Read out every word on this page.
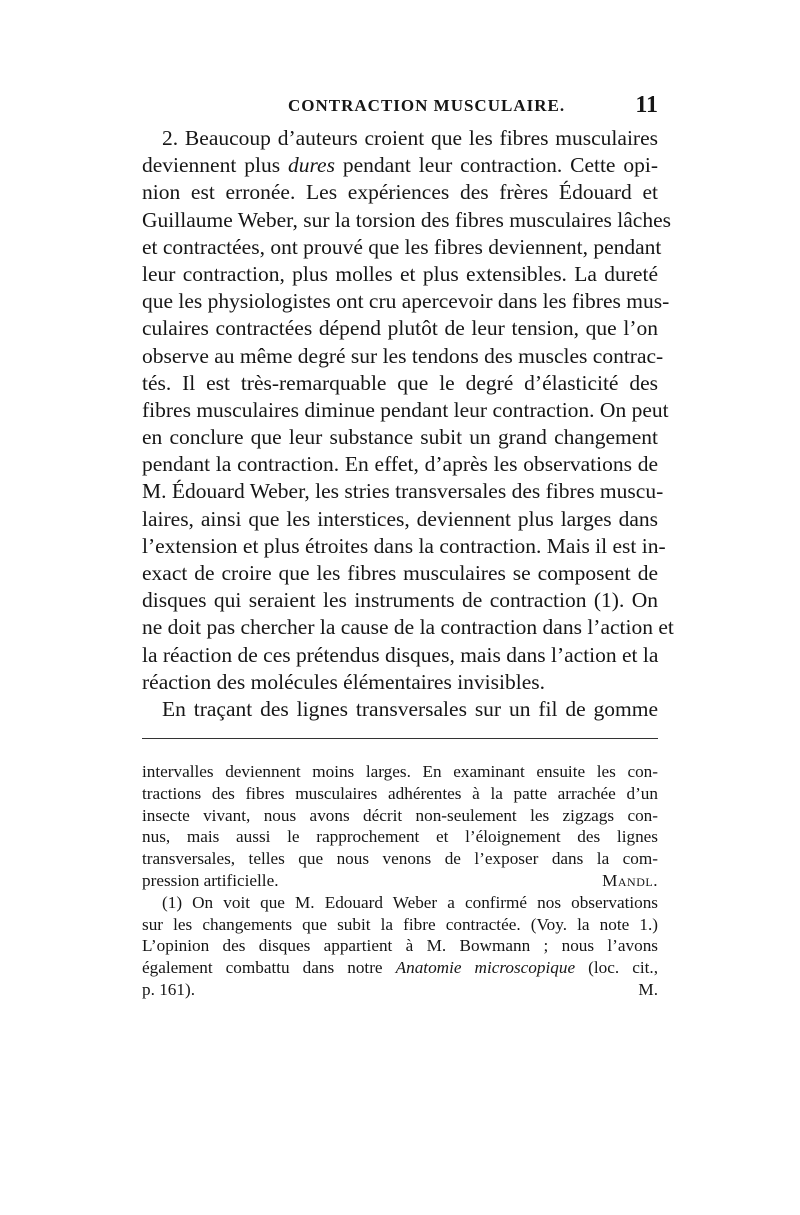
CONTRACTION MUSCULAIRE.	11
2. Beaucoup d’auteurs croient que les fibres musculaires
deviennent plus dures pendant leur contraction. Cette opi-
nion est erronée. Les expériences des frères Édouard et
Guillaume Weber, sur la torsion des fibres musculaires lâches
et contractées, ont prouvé que les fibres deviennent, pendant
leur contraction, plus molles et plus extensibles. La dureté
que les physiologistes ont cru apercevoir dans les fibres mus-
culaires contractées dépend plutôt de leur tension, que l’on
observe au même degré sur les tendons des muscles contrac-
tés. Il est très-remarquable que le degré d’élasticité des
fibres musculaires diminue pendant leur contraction. On peut
en conclure que leur substance subit un grand changement
pendant la contraction. En effet, d’après les observations de
M. Édouard Weber, les stries transversales des fibres muscu-
laires, ainsi que les interstices, deviennent plus larges dans
l’extension et plus étroites dans la contraction. Mais il est in-
exact de croire que les fibres musculaires se composent de
disques qui seraient les instruments de contraction (1). On
ne doit pas chercher la cause de la contraction dans l’action et
la réaction de ces prétendus disques, mais dans l’action et la
réaction des molécules élémentaires invisibles.
En traçant des lignes transversales sur un fil de gomme
intervalles deviennent moins larges. En examinant ensuite les con-
tractions des fibres musculaires adhérentes à la patte arrachée d’un
insecte vivant, nous avons décrit non-seulement les zigzags con-
nus, mais aussi le rapprochement et l’éloignement des lignes
transversales, telles que nous venons de l’exposer dans la com-
pression artificielle.	Mandl.
(1) On voit que M. Edouard Weber a confirmé nos observations
sur les changements que subit la fibre contractée. (Voy. la note 1.)
L’opinion des disques appartient à M. Bowmann ; nous l’avons
également combattu dans notre Anatomie microscopique (loc. cit.,
p. 161).	M.
